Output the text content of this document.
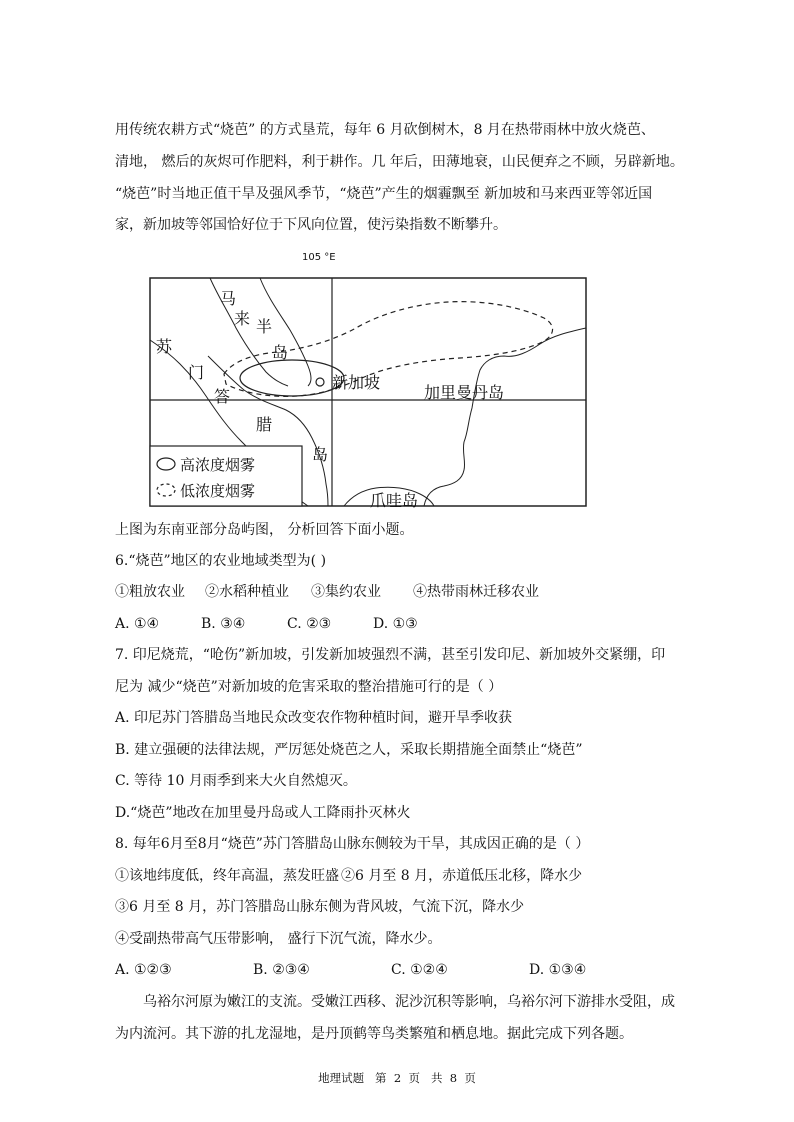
用传统农耕方式“烧芭” 的方式垦荒，每年 6 月砍倒树木，8 月在热带雨林中放火烧芭、

清地， 燃后的灰烬可作肥料，利于耕作。几 年后，田薄地衰，山民便弃之不顾，另辟新地。

“烧芭”时当地正值干旱及强风季节，“烧芭”产生的烟霾飘至 新加坡和马来西亚等邻近国

家，新加坡等邻国恰好位于下风向位置，使污染指数不断攀升。

105 °E
马
来 半
岛
苏
门
答
腊
岛
新加坡
加里曼丹岛
爪哇岛
高浓度烟雾
低浓度烟雾

上图为东南亚部分岛屿图， 分析回答下面小题。

6.“烧芭”地区的农业地域类型为( )

①粗放农业 ②水稻种植业 ③集约农业 ④热带雨林迁移农业

A. ①④	B. ③④	C. ②③	D. ①③

7. 印尼烧荒，“呛伤”新加坡，引发新加坡强烈不满，甚至引发印尼、新加坡外交紧绷，印

尼为 减少“烧芭”对新加坡的危害采取的整治措施可行的是（ ）

A. 印尼苏门答腊岛当地民众改变农作物种植时间，避开旱季收获

B. 建立强硬的法律法规，严厉惩处烧芭之人，采取长期措施全面禁止“烧芭”

C. 等待 10 月雨季到来大火自然熄灭。

D.“烧芭”地改在加里曼丹岛或人工降雨扑灭林火

8. 每年6月至8月“烧芭”苏门答腊岛山脉东侧较为干旱，其成因正确的是（ ）

①该地纬度低，终年高温，蒸发旺盛 ②6 月至 8 月，赤道低压北移，降水少

③6 月至 8 月，苏门答腊岛山脉东侧为背风坡，气流下沉，降水少

④受副热带高气压带影响， 盛行下沉气流，降水少。

A. ①②③	B. ②③④	C. ①②④	D. ①③④

乌裕尔河原为嫩江的支流。受嫩江西移、泥沙沉积等影响，乌裕尔河下游排水受阻，成

为内流河。其下游的扎龙湿地，是丹顶鹤等鸟类繁殖和栖息地。据此完成下列各题。

地理试题   第  2  页   共  8  页
